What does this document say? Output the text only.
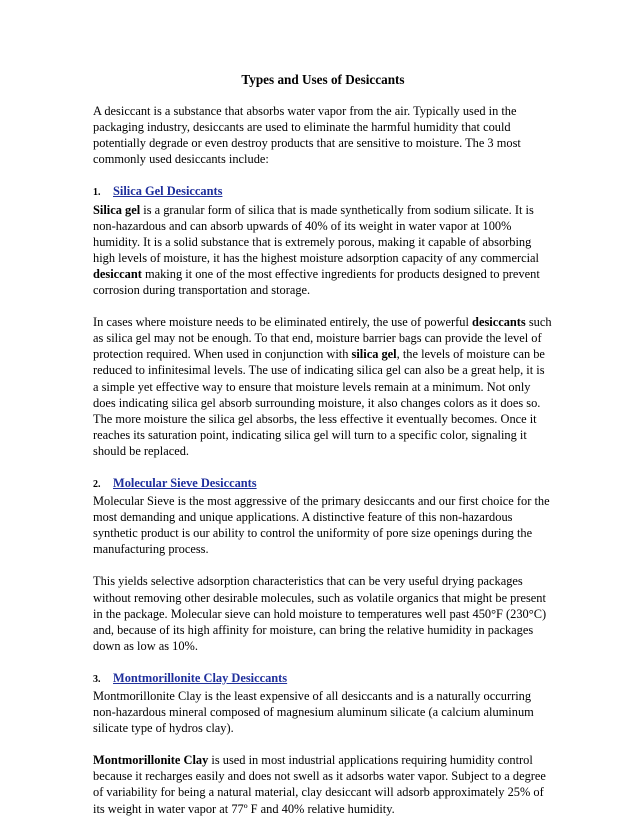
Types and Uses of Desiccants

A desiccant is a substance that absorbs water vapor from the air. Typically used in the packaging industry, desiccants are used to eliminate the harmful humidity that could potentially degrade or even destroy products that are sensitive to moisture. The 3 most commonly used desiccants include:

1. Silica Gel Desiccants

Silica gel is a granular form of silica that is made synthetically from sodium silicate. It is non-hazardous and can absorb upwards of 40% of its weight in water vapor at 100% humidity. It is a solid substance that is extremely porous, making it capable of absorbing high levels of moisture, it has the highest moisture adsorption capacity of any commercial desiccant making it one of the most effective ingredients for products designed to prevent corrosion during transportation and storage.

In cases where moisture needs to be eliminated entirely, the use of powerful desiccants such as silica gel may not be enough. To that end, moisture barrier bags can provide the level of protection required. When used in conjunction with silica gel, the levels of moisture can be reduced to infinitesimal levels. The use of indicating silica gel can also be a great help, it is a simple yet effective way to ensure that moisture levels remain at a minimum. Not only does indicating silica gel absorb surrounding moisture, it also changes colors as it does so. The more moisture the silica gel absorbs, the less effective it eventually becomes. Once it reaches its saturation point, indicating silica gel will turn to a specific color, signaling it should be replaced.

2. Molecular Sieve Desiccants

Molecular Sieve is the most aggressive of the primary desiccants and our first choice for the most demanding and unique applications. A distinctive feature of this non-hazardous synthetic product is our ability to control the uniformity of pore size openings during the manufacturing process.

This yields selective adsorption characteristics that can be very useful drying packages without removing other desirable molecules, such as volatile organics that might be present in the package. Molecular sieve can hold moisture to temperatures well past 450°F (230°C) and, because of its high affinity for moisture, can bring the relative humidity in packages down as low as 10%.

3. Montmorillonite Clay Desiccants

Montmorillonite Clay is the least expensive of all desiccants and is a naturally occurring non-hazardous mineral composed of magnesium aluminum silicate (a calcium aluminum silicate type of hydros clay).

Montmorillonite Clay is used in most industrial applications requiring humidity control because it recharges easily and does not swell as it adsorbs water vapor. Subject to a degree of variability for being a natural material, clay desiccant will adsorb approximately 25% of its weight in water vapor at 77º F and 40% relative humidity.
